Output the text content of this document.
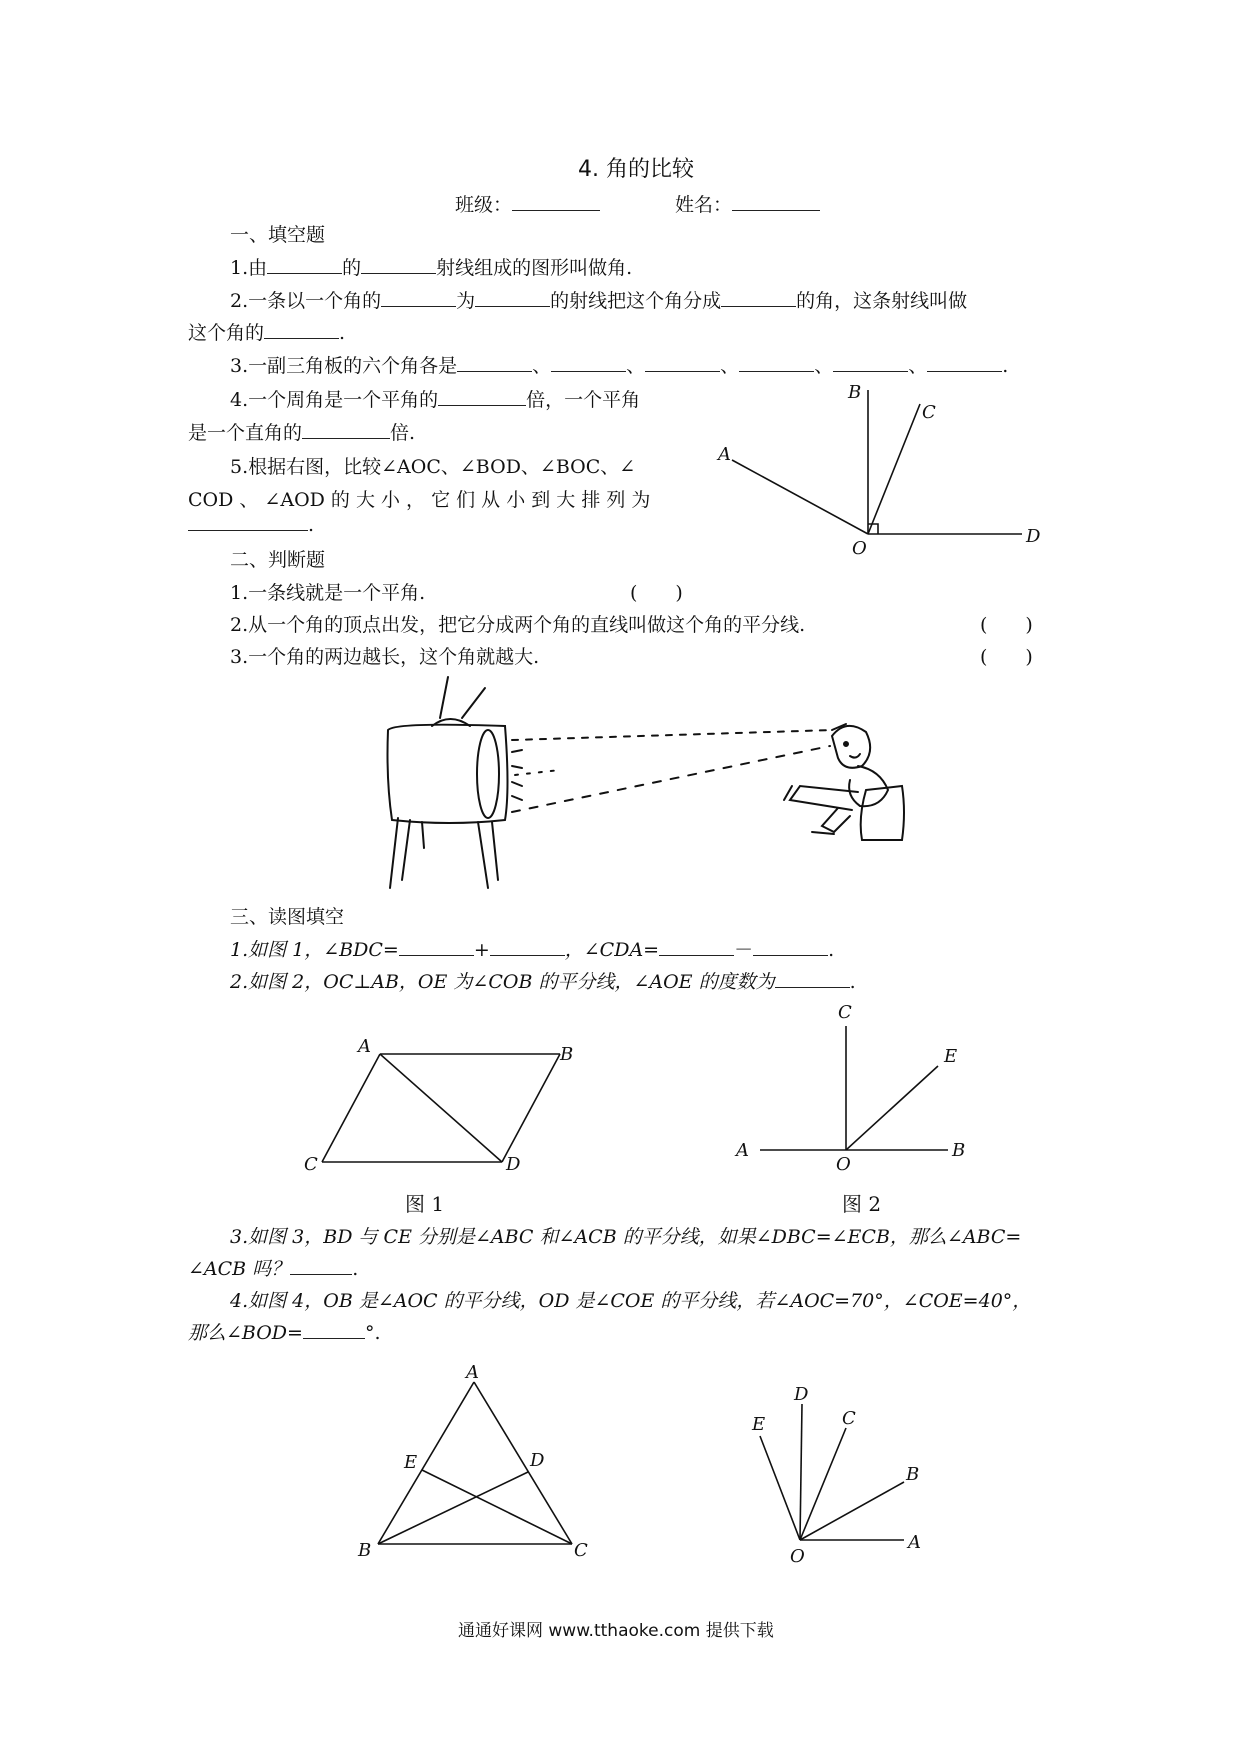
4. 角的比较
班级：	姓名：
一、填空题
1.由	的	射线组成的图形叫做角.
2.一条以一个角的	为	的射线把这个角分成	的角，这条射线叫做
这个角的	.
3.一副三角板的六个角各是	、	、	、	、	、	.
4.一个周角是一个平角的	倍，一个平角
是一个直角的	倍.
5.根据右图，比较∠AOC、∠BOD、∠BOC、∠
COD 、 ∠AOD 的 大 小 ， 它 们 从 小 到 大 排 列 为
.
A
B
C
D
O
二、判断题
1.一条线就是一个平角.	(　　)
2.从一个角的顶点出发，把它分成两个角的直线叫做这个角的平分线.	(　　)
3.一个角的两边越长，这个角就越大.	(　　)
三、读图填空
1.如图 1，∠BDC=	+	，∠CDA=	－	.
2.如图 2，OC⊥AB，OE 为∠COB 的平分线，∠AOE 的度数为	.
A	B
C	D
图 1
C
E
A	B
O
图 2
3.如图 3，BD 与 CE 分别是∠ABC 和∠ACB 的平分线，如果∠DBC=∠ECB，那么∠ABC=
∠ACB 吗？	.
4.如图 4，OB 是∠AOC 的平分线，OD 是∠COE 的平分线，若∠AOC=70°，∠COE=40°，
那么∠BOD=	°.
A
B	C
D
E
E
D
C
B
A
O
通通好课网 www.tthaoke.com 提供下载
